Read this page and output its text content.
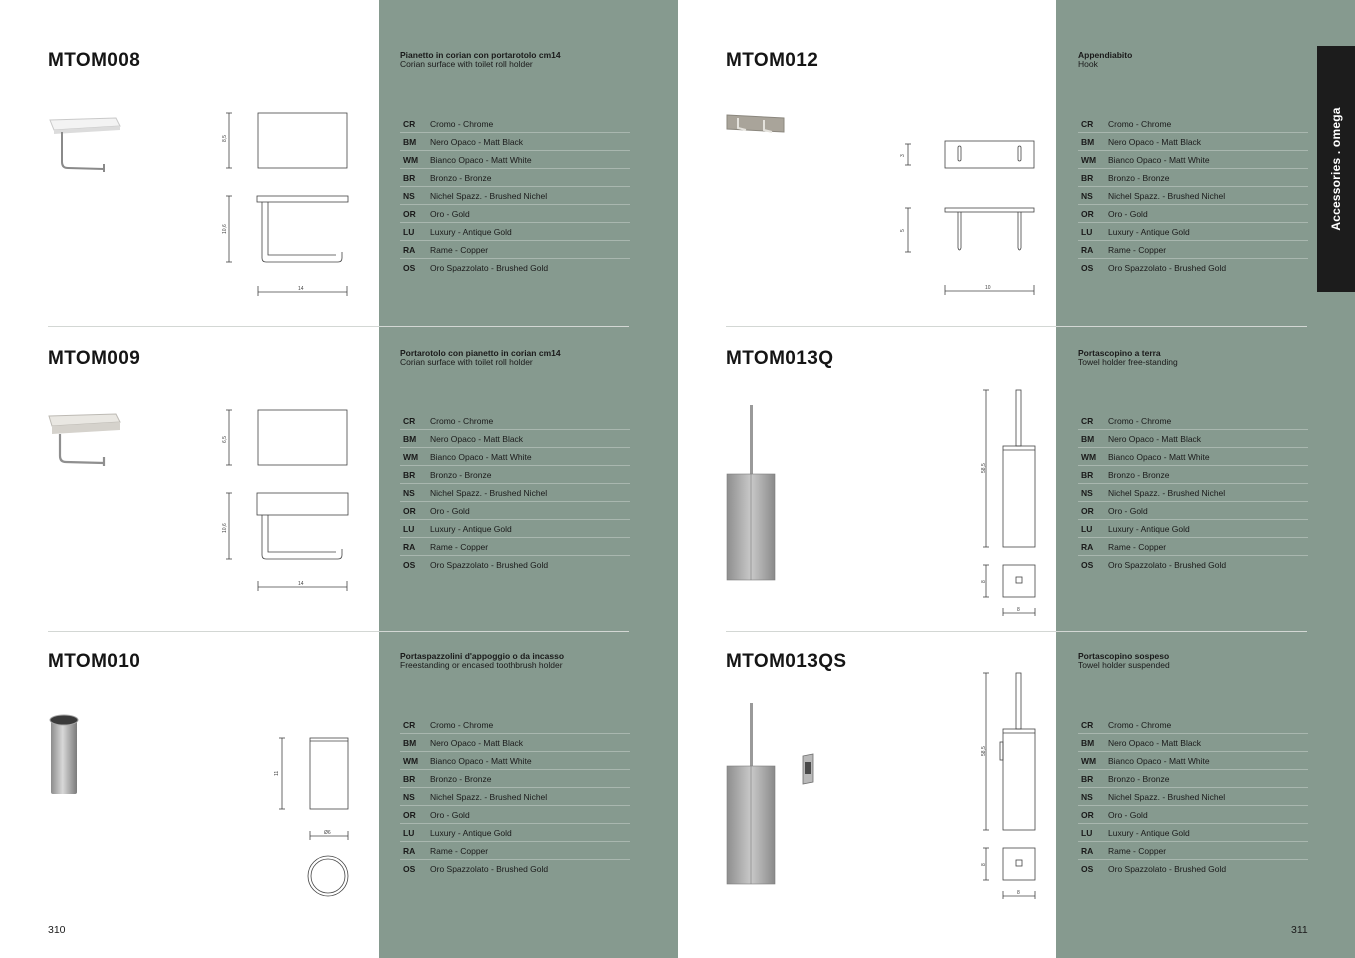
Accessories . omega
MTOM008	Pianetto in corian con portarotolo cm14
Corian surface with toilet roll holder
8,5
10,6
14
CR	Cromo - Chrome
BM	Nero Opaco - Matt Black
WM	Bianco Opaco - Matt White
BR	Bronzo - Bronze
NS	Nichel Spazz. - Brushed Nichel
OR	Oro - Gold
LU	Luxury - Antique Gold
RA	Rame - Copper
OS	Oro Spazzolato - Brushed Gold
MTOM009	Portarotolo con pianetto in corian cm14
Corian surface with toilet roll holder
6,5
10,6
14
CR	Cromo - Chrome
BM	Nero Opaco - Matt Black
WM	Bianco Opaco - Matt White
BR	Bronzo - Bronze
NS	Nichel Spazz. - Brushed Nichel
OR	Oro - Gold
LU	Luxury - Antique Gold
RA	Rame - Copper
OS	Oro Spazzolato - Brushed Gold
MTOM010	Portaspazzolini d'appoggio o da incasso
Freestanding or encased toothbrush holder
11
Ø6
CR	Cromo - Chrome
BM	Nero Opaco - Matt Black
WM	Bianco Opaco - Matt White
BR	Bronzo - Bronze
NS	Nichel Spazz. - Brushed Nichel
OR	Oro - Gold
LU	Luxury - Antique Gold
RA	Rame - Copper
OS	Oro Spazzolato - Brushed Gold
MTOM012	Appendiabito
Hook
3
5
10
CR	Cromo - Chrome
BM	Nero Opaco - Matt Black
WM	Bianco Opaco - Matt White
BR	Bronzo - Bronze
NS	Nichel Spazz. - Brushed Nichel
OR	Oro - Gold
LU	Luxury - Antique Gold
RA	Rame - Copper
OS	Oro Spazzolato - Brushed Gold
MTOM013Q	Portascopino a terra
Towel holder free-standing
58,5
8
8
CR	Cromo - Chrome
BM	Nero Opaco - Matt Black
WM	Bianco Opaco - Matt White
BR	Bronzo - Bronze
NS	Nichel Spazz. - Brushed Nichel
OR	Oro - Gold
LU	Luxury - Antique Gold
RA	Rame - Copper
OS	Oro Spazzolato - Brushed Gold
MTOM013QS	Portascopino sospeso
Towel holder suspended
58,5
8
8
CR	Cromo - Chrome
BM	Nero Opaco - Matt Black
WM	Bianco Opaco - Matt White
BR	Bronzo - Bronze
NS	Nichel Spazz. - Brushed Nichel
OR	Oro - Gold
LU	Luxury - Antique Gold
RA	Rame - Copper
OS	Oro Spazzolato - Brushed Gold
310	311
